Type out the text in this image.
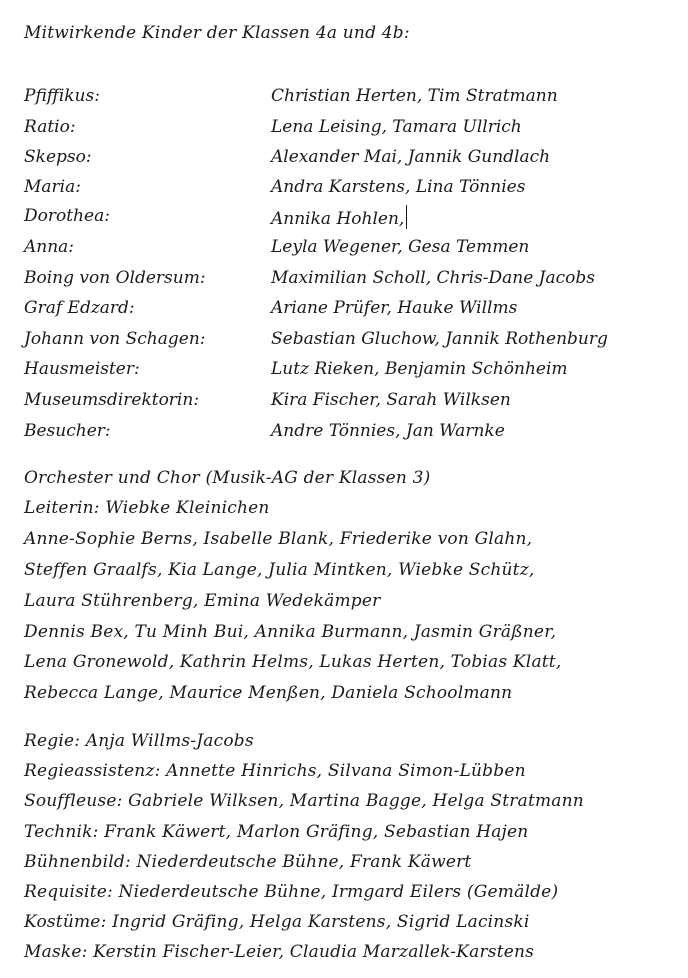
Mitwirkende Kinder der Klassen 4a und 4b:
Pfiffikus:	Christian Herten, Tim Stratmann
Ratio:	Lena Leising, Tamara Ullrich
Skepso:	Alexander Mai, Jannik Gundlach
Maria:	Andra Karstens, Lina Tönnies
Dorothea:	Annika Hohlen,
Anna:	Leyla Wegener, Gesa Temmen
Boing von Oldersum:	Maximilian Scholl, Chris-Dane Jacobs
Graf Edzard:	Ariane Prüfer, Hauke Willms
Johann von Schagen:	Sebastian Gluchow, Jannik Rothenburg
Hausmeister:	Lutz Rieken, Benjamin Schönheim
Museumsdirektorin:	Kira Fischer, Sarah Wilksen
Besucher:	Andre Tönnies, Jan Warnke
Orchester und Chor (Musik-AG der Klassen 3)
Leiterin: Wiebke Kleinichen
Anne-Sophie Berns, Isabelle Blank, Friederike von Glahn,
Steffen Graalfs, Kia Lange, Julia Mintken, Wiebke Schütz,
Laura Stührenberg, Emina Wedekämper
Dennis Bex, Tu Minh Bui, Annika Burmann, Jasmin Gräßner,
Lena Gronewold, Kathrin Helms, Lukas Herten, Tobias Klatt,
Rebecca Lange, Maurice Menßen, Daniela Schoolmann
Regie: Anja Willms-Jacobs
Regieassistenz: Annette Hinrichs, Silvana Simon-Lübben
Souffleuse: Gabriele Wilksen, Martina Bagge, Helga Stratmann
Technik: Frank Käwert, Marlon Gräfing, Sebastian Hajen
Bühnenbild: Niederdeutsche Bühne, Frank Käwert
Requisite: Niederdeutsche Bühne, Irmgard Eilers (Gemälde)
Kostüme: Ingrid Gräfing, Helga Karstens, Sigrid Lacinski
Maske: Kerstin Fischer-Leier, Claudia Marzallek-Karstens
